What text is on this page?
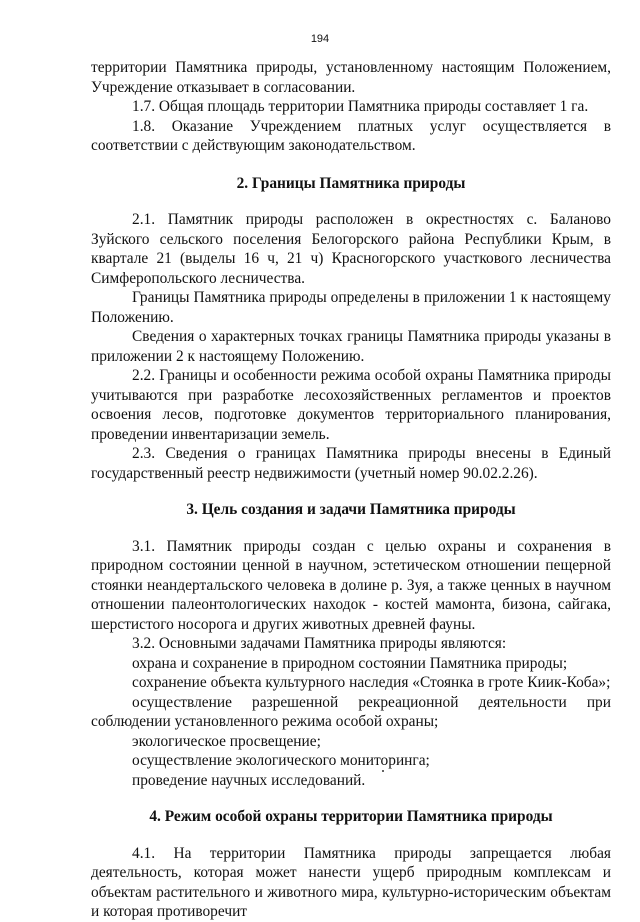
194

территории Памятника природы, установленному настоящим Положением, Учреждение отказывает в согласовании.

1.7. Общая площадь территории Памятника природы составляет 1 га.

1.8. Оказание Учреждением платных услуг осуществляется в соответствии с действующим законодательством.

2. Границы Памятника природы

2.1. Памятник природы расположен в окрестностях с. Баланово Зуйского сельского поселения Белогорского района Республики Крым, в квартале 21 (выделы 16 ч, 21 ч) Красногорского участкового лесничества Симферопольского лесничества.

Границы Памятника природы определены в приложении 1 к настоящему Положению.

Сведения о характерных точках границы Памятника природы указаны в приложении 2 к настоящему Положению.

2.2. Границы и особенности режима особой охраны Памятника природы учитываются при разработке лесохозяйственных регламентов и проектов освоения лесов, подготовке документов территориального планирования, проведении инвентаризации земель.

2.3. Сведения о границах Памятника природы внесены в Единый государственный реестр недвижимости (учетный номер 90.02.2.26).

3. Цель создания и задачи Памятника природы

3.1. Памятник природы создан с целью охраны и сохранения в природном состоянии ценной в научном, эстетическом отношении пещерной стоянки неандертальского человека в долине р. Зуя, а также ценных в научном отношении палеонтологических находок - костей мамонта, бизона, сайгака, шерстистого носорога и других животных древней фауны.

3.2. Основными задачами Памятника природы являются:

охрана и сохранение в природном состоянии Памятника природы;

сохранение объекта культурного наследия «Стоянка в гроте Киик-Коба»;

осуществление разрешенной рекреационной деятельности при

соблюдении установленного режима особой охраны;

экологическое просвещение;

осуществление экологического мониторинга;

проведение научных исследований.

4. Режим особой охраны территории Памятника природы

4.1. На территории Памятника природы запрещается любая деятельность, которая может нанести ущерб природным комплексам и объектам растительного и животного мира, культурно-историческим объектам и которая противоречит
